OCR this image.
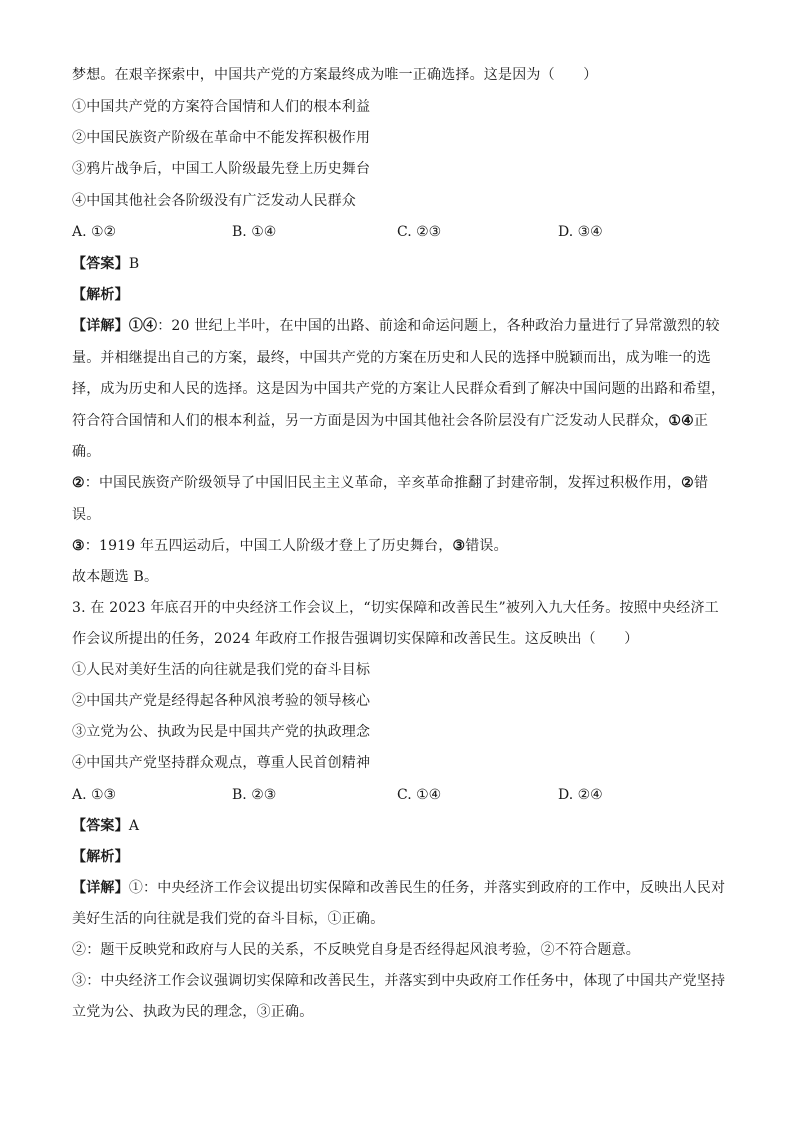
梦想。在艰辛探索中，中国共产党的方案最终成为唯一正确选择。这是因为（　　）
①中国共产党的方案符合国情和人们的根本利益
②中国民族资产阶级在革命中不能发挥积极作用
③鸦片战争后，中国工人阶级最先登上历史舞台
④中国其他社会各阶级没有广泛发动人民群众
A. ①②	B. ①④	C. ②③	D. ③④
【答案】B
【解析】
【详解】①④：20 世纪上半叶，在中国的出路、前途和命运问题上，各种政治力量进行了异常激烈的较
量。并相继提出自己的方案，最终，中国共产党的方案在历史和人民的选择中脱颖而出，成为唯一的选
择，成为历史和人民的选择。这是因为中国共产党的方案让人民群众看到了解决中国问题的出路和希望，
符合符合国情和人们的根本利益，另一方面是因为中国其他社会各阶层没有广泛发动人民群众，①④正
确。
②：中国民族资产阶级领导了中国旧民主主义革命，辛亥革命推翻了封建帝制，发挥过积极作用，②错
误。
③：1919 年五四运动后，中国工人阶级才登上了历史舞台，③错误。
故本题选 B。
3. 在 2023 年底召开的中央经济工作会议上，“切实保障和改善民生”被列入九大任务。按照中央经济工
作会议所提出的任务，2024 年政府工作报告强调切实保障和改善民生。这反映出（　　）
①人民对美好生活的向往就是我们党的奋斗目标
②中国共产党是经得起各种风浪考验的领导核心
③立党为公、执政为民是中国共产党的执政理念
④中国共产党坚持群众观点，尊重人民首创精神
A. ①③	B. ②③	C. ①④	D. ②④
【答案】A
【解析】
【详解】①：中央经济工作会议提出切实保障和改善民生的任务，并落实到政府的工作中，反映出人民对
美好生活的向往就是我们党的奋斗目标，①正确。
②：题干反映党和政府与人民的关系，不反映党自身是否经得起风浪考验，②不符合题意。
③：中央经济工作会议强调切实保障和改善民生，并落实到中央政府工作任务中，体现了中国共产党坚持
立党为公、执政为民的理念，③正确。
